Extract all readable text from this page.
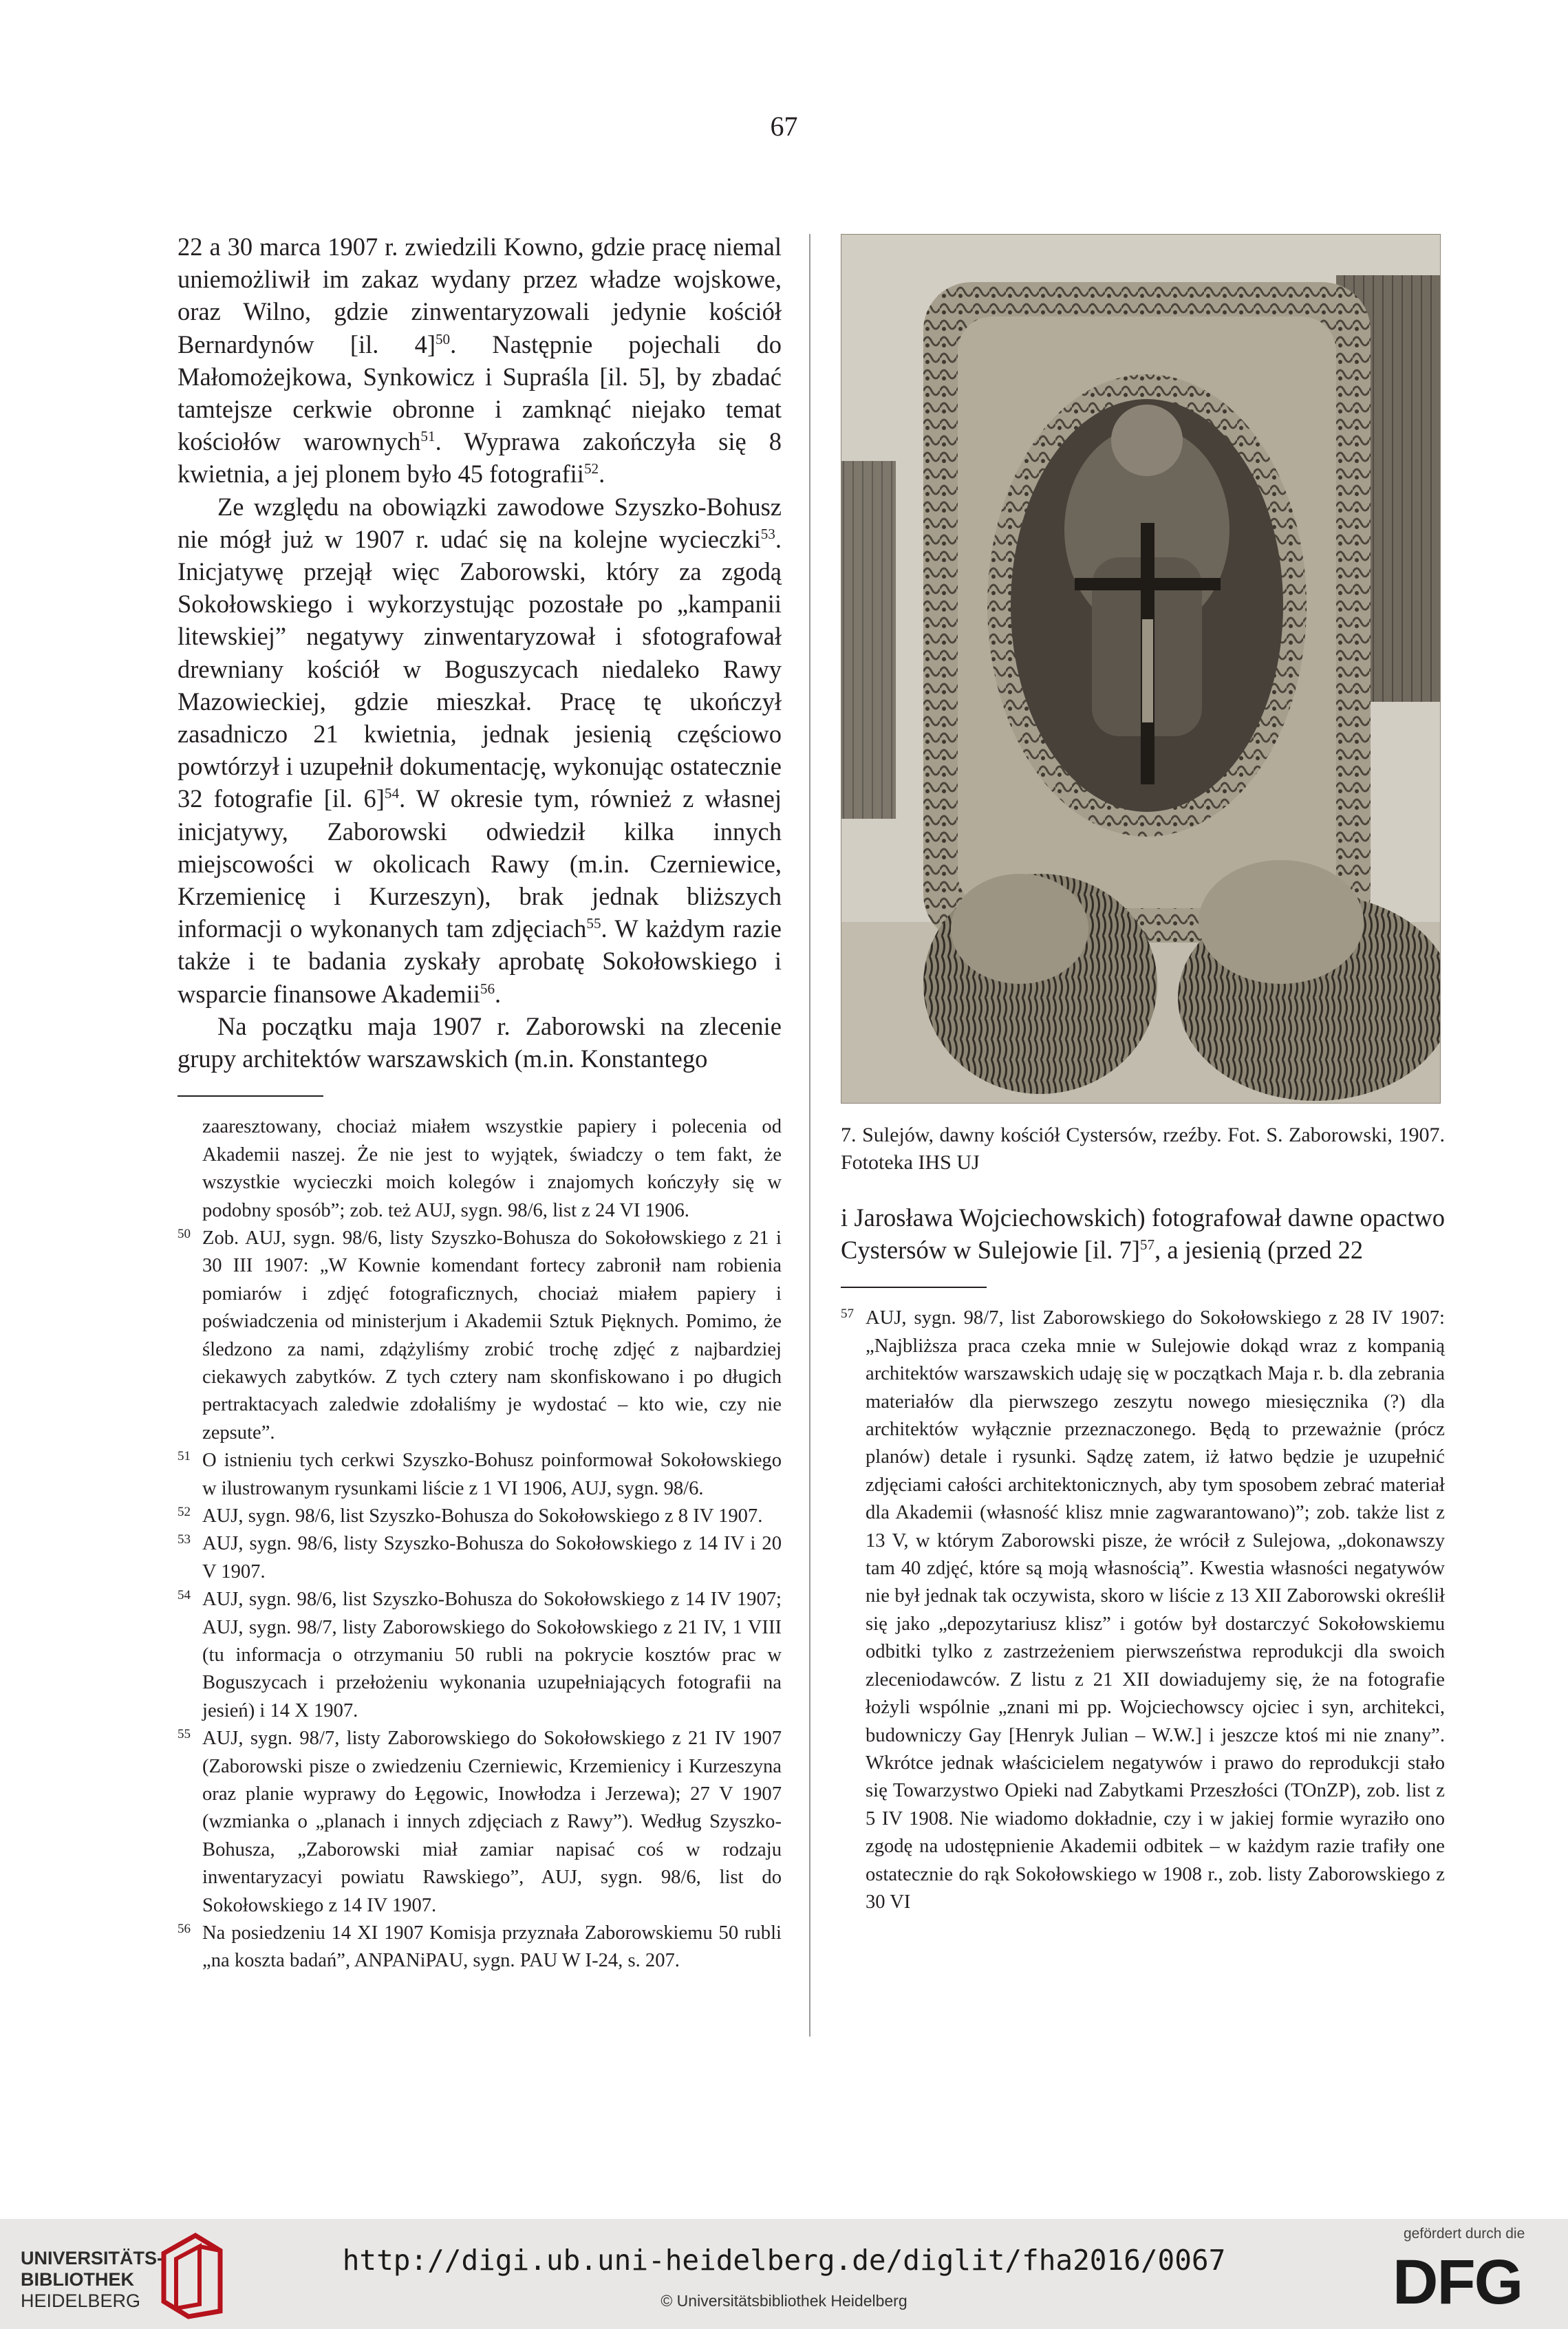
67

22 a 30 marca 1907 r. zwiedzili Kowno, gdzie pracę niemal uniemożliwił im zakaz wydany przez władze wojskowe, oraz Wilno, gdzie zinwentaryzowali jedynie kościół Bernardynów [il. 4]$^{50}$. Następnie pojechali do Małomożejkowa, Synkowicz i Supraśla [il. 5], by zbadać tamtejsze cerkwie obronne i zamknąć niejako temat kościołów warownych$^{51}$. Wyprawa zakończyła się 8 kwietnia, a jej plonem było 45 fotografii$^{52}$.

Ze względu na obowiązki zawodowe Szyszko-Bohusz nie mógł już w 1907 r. udać się na kolejne wycieczki$^{53}$. Inicjatywę przejął więc Zaborowski, który za zgodą Sokołowskiego i wykorzystując pozostałe po „kampanii litewskiej” negatywy zinwentaryzował i sfotografował drewniany kościół w Boguszycach niedaleko Rawy Mazowieckiej, gdzie mieszkał. Pracę tę ukończył zasadniczo 21 kwietnia, jednak jesienią częściowo powtórzył i uzupełnił dokumentację, wykonując ostatecznie 32 fotografie [il. 6]$^{54}$. W okresie tym, również z własnej inicjatywy, Zaborowski odwiedził kilka innych miejscowości w okolicach Rawy (m.in. Czerniewice, Krzemienicę i Kurzeszyn), brak jednak bliższych informacji o wykonanych tam zdjęciach$^{55}$. W każdym razie także i te badania zyskały aprobatę Sokołowskiego i wsparcie finansowe Akademii$^{56}$.

Na początku maja 1907 r. Zaborowski na zlecenie grupy architektów warszawskich (m.in. Konstantego

zaaresztowany, chociaż miałem wszystkie papiery i polecenia od Akademii naszej. Że nie jest to wyjątek, świadczy o tem fakt, że wszystkie wycieczki moich kolegów i znajomych kończyły się w podobny sposób”; zob. też AUJ, sygn. 98/6, list z 24 VI 1906.

50 Zob. AUJ, sygn. 98/6, listy Szyszko-Bohusza do Sokołowskiego z 21 i 30 III 1907: „W Kownie komendant fortecy zabronił nam robienia pomiarów i zdjęć fotograficznych, chociaż miałem papiery i poświadczenia od ministerjum i Akademii Sztuk Pięknych. Pomimo, że śledzono za nami, zdążyliśmy zrobić trochę zdjęć z najbardziej ciekawych zabytków. Z tych cztery nam skonfiskowano i po długich pertraktacyach zaledwie zdołaliśmy je wydostać – kto wie, czy nie zepsute”.

51 O istnieniu tych cerkwi Szyszko-Bohusz poinformował Sokołowskiego w ilustrowanym rysunkami liście z 1 VI 1906, AUJ, sygn. 98/6.

52 AUJ, sygn. 98/6, list Szyszko-Bohusza do Sokołowskiego z 8 IV 1907.

53 AUJ, sygn. 98/6, listy Szyszko-Bohusza do Sokołowskiego z 14 IV i 20 V 1907.

54 AUJ, sygn. 98/6, list Szyszko-Bohusza do Sokołowskiego z 14 IV 1907; AUJ, sygn. 98/7, listy Zaborowskiego do Sokołowskiego z 21 IV, 1 VIII (tu informacja o otrzymaniu 50 rubli na pokrycie kosztów prac w Boguszycach i przełożeniu wykonania uzupełniających fotografii na jesień) i 14 X 1907.

55 AUJ, sygn. 98/7, listy Zaborowskiego do Sokołowskiego z 21 IV 1907 (Zaborowski pisze o zwiedzeniu Czerniewic, Krzemienicy i Kurzeszyna oraz planie wyprawy do Łęgowic, Inowłodza i Jerzewa); 27 V 1907 (wzmianka o „planach i innych zdjęciach z Rawy”). Według Szyszko-Bohusza, „Zaborowski miał zamiar napisać coś w rodzaju inwentaryzacyi powiatu Rawskiego”, AUJ, sygn. 98/6, list do Sokołowskiego z 14 IV 1907.

56 Na posiedzeniu 14 XI 1907 Komisja przyznała Zaborowskiemu 50 rubli „na koszta badań”, ANPANiPAU, sygn. PAU W I-24, s. 207.

7. Sulejów, dawny kościół Cystersów, rzeźby. Fot. S. Zaborowski, 1907. Fototeka IHS UJ

i Jarosława Wojciechowskich) fotografował dawne opactwo Cystersów w Sulejowie [il. 7]$^{57}$, a jesienią (przed 22

57 AUJ, sygn. 98/7, list Zaborowskiego do Sokołowskiego z 28 IV 1907: „Najbliższa praca czeka mnie w Sulejowie dokąd wraz z kompanią architektów warszawskich udaję się w początkach Maja r. b. dla zebrania materiałów dla pierwszego zeszytu nowego miesięcznika (?) dla architektów wyłącznie przeznaczonego. Będą to przeważnie (prócz planów) detale i rysunki. Sądzę zatem, iż łatwo będzie je uzupełnić zdjęciami całości architektonicznych, aby tym sposobem zebrać materiał dla Akademii (własność klisz mnie zagwarantowano)”; zob. także list z 13 V, w którym Zaborowski pisze, że wrócił z Sulejowa, „dokonawszy tam 40 zdjęć, które są moją własnością”. Kwestia własności negatywów nie był jednak tak oczywista, skoro w liście z 13 XII Zaborowski określił się jako „depozytariusz klisz” i gotów był dostarczyć Sokołowskiemu odbitki tylko z zastrzeżeniem pierwszeństwa reprodukcji dla swoich zleceniodawców. Z listu z 21 XII dowiadujemy się, że na fotografie łożyli wspólnie „znani mi pp. Wojciechowscy ojciec i syn, architekci, budowniczy Gay [Henryk Julian – W.W.] i jeszcze ktoś mi nie znany”. Wkrótce jednak właścicielem negatywów i prawo do reprodukcji stało się Towarzystwo Opieki nad Zabytkami Przeszłości (TOnZP), zob. list z 5 IV 1908. Nie wiadomo dokładnie, czy i w jakiej formie wyraziło ono zgodę na udostępnienie Akademii odbitek – w każdym razie trafiły one ostatecznie do rąk Sokołowskiego w 1908 r., zob. listy Zaborowskiego z 30 VI

UNIVERSITÄTS-
BIBLIOTHEK
HEIDELBERG
http://digi.ub.uni-heidelberg.de/diglit/fha2016/0067
© Universitätsbibliothek Heidelberg
gefördert durch die
DFG
